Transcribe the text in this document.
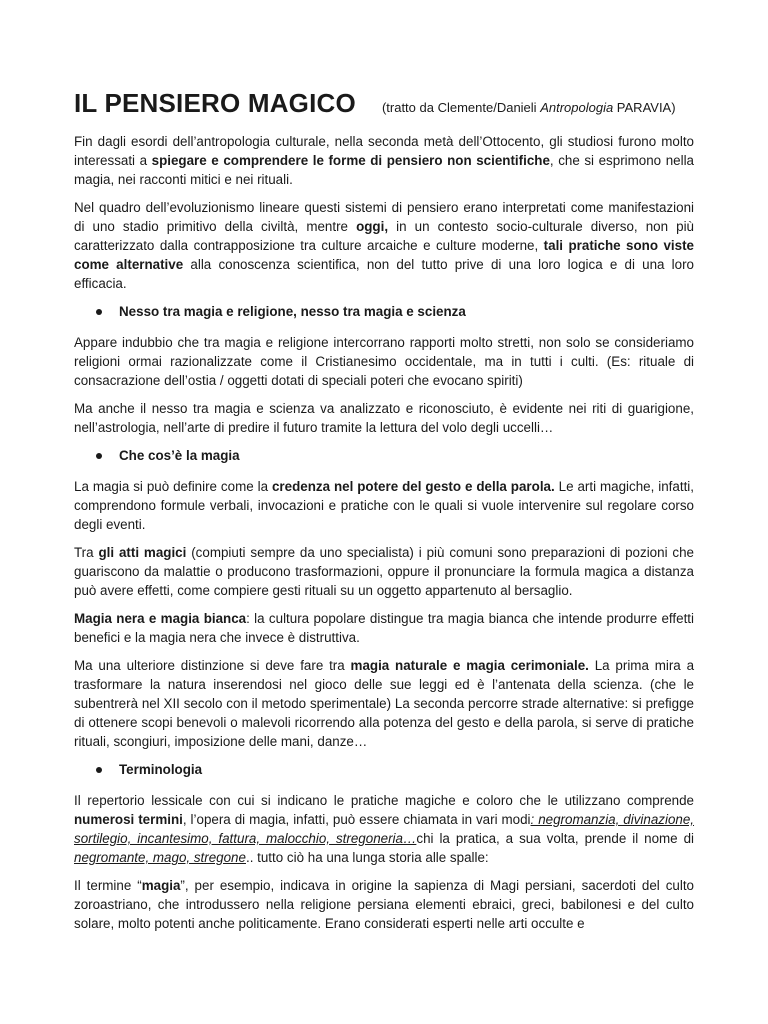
IL PENSIERO MAGICO (tratto da Clemente/Danieli Antropologia PARAVIA)

Fin dagli esordi dell’antropologia culturale, nella seconda metà dell’Ottocento, gli studiosi furono molto interessati a spiegare e comprendere le forme di pensiero non scientifiche, che si esprimono nella magia, nei racconti mitici e nei rituali.

Nel quadro dell’evoluzionismo lineare questi sistemi di pensiero erano interpretati come manifestazioni di uno stadio primitivo della civiltà, mentre oggi, in un contesto socio-culturale diverso, non più caratterizzato dalla contrapposizione tra culture arcaiche e culture moderne, tali pratiche sono viste come alternative alla conoscenza scientifica, non del tutto prive di una loro logica e di una loro efficacia.

Nesso tra magia e religione, nesso tra magia e scienza

Appare indubbio che tra magia e religione intercorrano rapporti molto stretti, non solo se consideriamo religioni ormai razionalizzate come il Cristianesimo occidentale, ma in tutti i culti. (Es: rituale di consacrazione dell’ostia / oggetti dotati di speciali poteri che evocano spiriti)

Ma anche il nesso tra magia e scienza va analizzato e riconosciuto, è evidente nei riti di guarigione, nell’astrologia, nell’arte di predire il futuro tramite la lettura del volo degli uccelli…

Che cos’è la magia

La magia si può definire come la credenza nel potere del gesto e della parola. Le arti magiche, infatti, comprendono formule verbali, invocazioni e pratiche con le quali si vuole intervenire sul regolare corso degli eventi.

Tra gli atti magici (compiuti sempre da uno specialista) i più comuni sono preparazioni di pozioni che guariscono da malattie o producono trasformazioni, oppure il pronunciare la formula magica a distanza può avere effetti, come compiere gesti rituali su un oggetto appartenuto al bersaglio.

Magia nera e magia bianca: la cultura popolare distingue tra magia bianca che intende produrre effetti benefici e la magia nera che invece è distruttiva.

Ma una ulteriore distinzione si deve fare tra magia naturale e magia cerimoniale. La prima mira a trasformare la natura inserendosi nel gioco delle sue leggi ed è l’antenata della scienza. (che le subentrerà nel XII secolo con il metodo sperimentale) La seconda percorre strade alternative: si prefigge di ottenere scopi benevoli o malevoli ricorrendo alla potenza del gesto e della parola, si serve di pratiche rituali, scongiuri, imposizione delle mani, danze…

Terminologia

Il repertorio lessicale con cui si indicano le pratiche magiche e coloro che le utilizzano comprende numerosi termini, l’opera di magia, infatti, può essere chiamata in vari modi: negromanzia, divinazione, sortilegio, incantesimo, fattura, malocchio, stregoneria…chi la pratica, a sua volta, prende il nome di negromante, mago, stregone.. tutto ciò ha una lunga storia alle spalle:

Il termine “magia”, per esempio, indicava in origine la sapienza di Magi persiani, sacerdoti del culto zoroastriano, che introdussero nella religione persiana elementi ebraici, greci, babilonesi e del culto solare, molto potenti anche politicamente. Erano considerati esperti nelle arti occulte e
